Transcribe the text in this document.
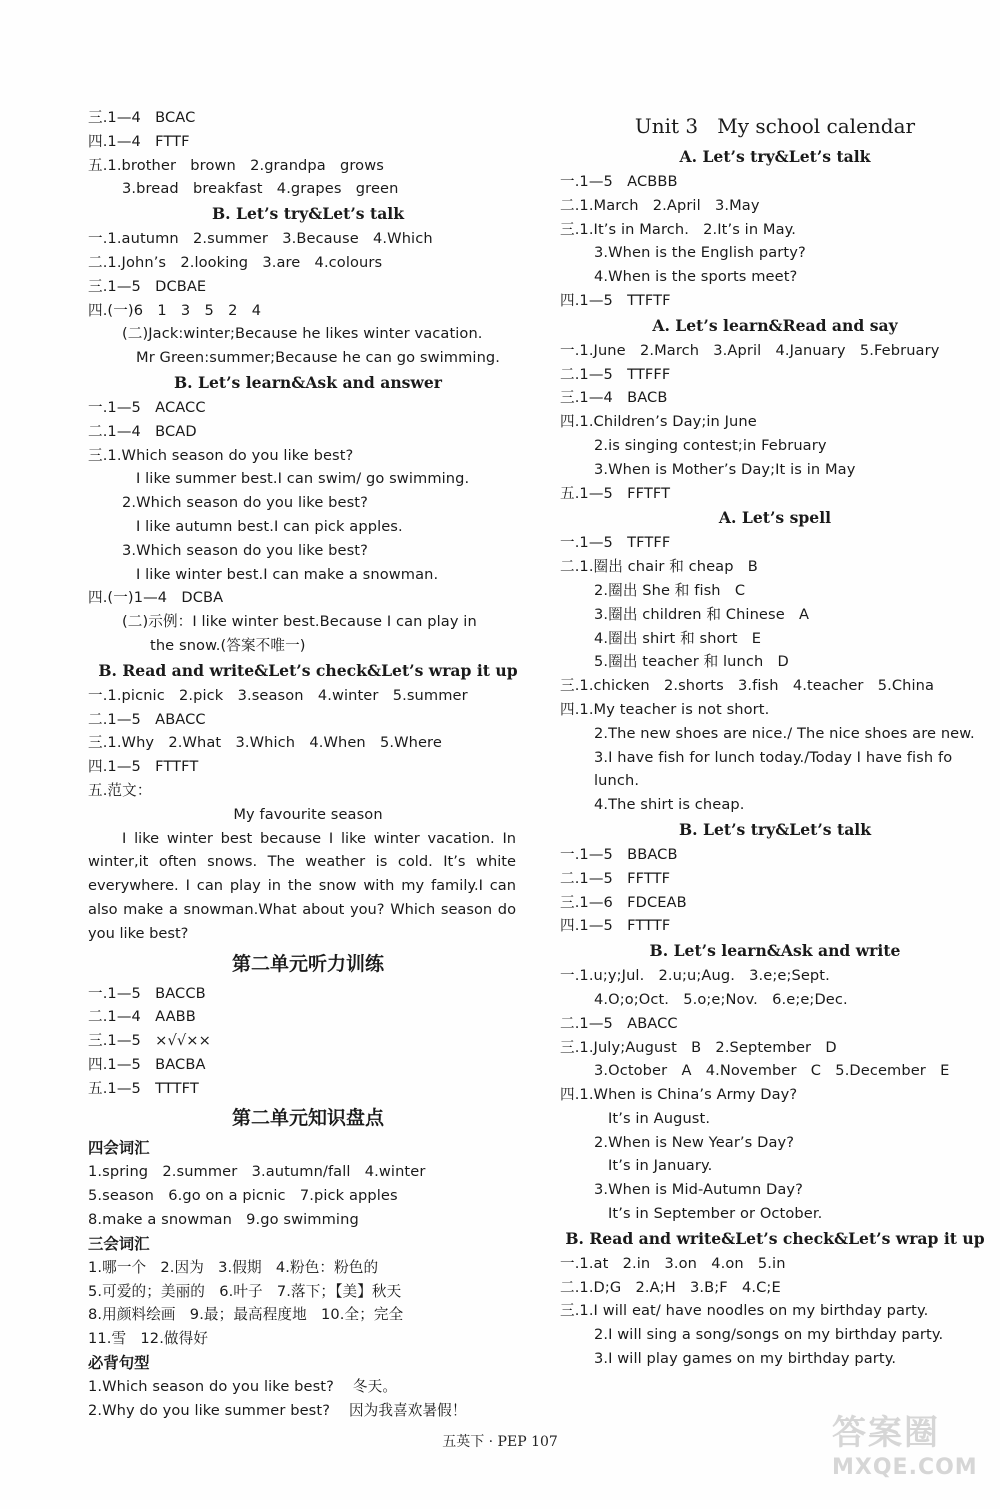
三.1—4   BCAC
四.1—4   FTTF
五.1.brother   brown   2.grandpa   grows
3.bread   breakfast   4.grapes   green
B. Let’s try&Let’s talk
一.1.autumn   2.summer   3.Because   4.Which
二.1.John’s   2.looking   3.are   4.colours
三.1—5   DCBAE
四.(一)6   1   3   5   2   4
(二)Jack:winter;Because he likes winter vacation.
Mr Green:summer;Because he can go swimming.
B. Let’s learn&Ask and answer
一.1—5   ACACC
二.1—4   BCAD
三.1.Which season do you like best?
I like summer best.I can swim/ go swimming.
2.Which season do you like best?
I like autumn best.I can pick apples.
3.Which season do you like best?
I like winter best.I can make a snowman.
四.(一)1—4   DCBA
(二)示例：I like winter best.Because I can play in
the snow.(答案不唯一)
B. Read and write&Let’s check&Let’s wrap it up
一.1.picnic   2.pick   3.season   4.winter   5.summer
二.1—5   ABACC
三.1.Why   2.What   3.Which   4.When   5.Where
四.1—5   FTTFT
五.范文：
My favourite season

I like winter best because I like winter vacation. In winter,it often snows. The weather is cold. It’s white everywhere. I can play in the snow with my family.I can also make a snowman.What about you? Which season do you like best?

第二单元听力训练
一.1—5   BACCB
二.1—4   AABB
三.1—5   ×√√××
四.1—5   BACBA
五.1—5   TTTFT
第二单元知识盘点
四会词汇
1.spring   2.summer   3.autumn/fall   4.winter
5.season   6.go on a picnic   7.pick apples
8.make a snowman   9.go swimming
三会词汇
1.哪一个   2.因为   3.假期   4.粉色：粉色的
5.可爱的；美丽的   6.叶子   7.落下；【美】秋天
8.用颜料绘画   9.最；最高程度地   10.全；完全
11.雪   12.做得好
必背句型
1.Which season do you like best?    冬天。
2.Why do you like summer best?    因为我喜欢暑假！
Unit 3   My school calendar
A. Let’s try&Let’s talk
一.1—5   ACBBB
二.1.March   2.April   3.May
三.1.It’s in March.   2.It’s in May.
3.When is the English party?
4.When is the sports meet?
四.1—5   TTFTF
A. Let’s learn&Read and say
一.1.June   2.March   3.April   4.January   5.February
二.1—5   TTFFF
三.1—4   BACB
四.1.Children’s Day;in June
2.is singing contest;in February
3.When is Mother’s Day;It is in May
五.1—5   FFTFT
A. Let’s spell
一.1—5   TFTFF
二.1.圈出 chair 和 cheap   B
2.圈出 She 和 fish   C
3.圈出 children 和 Chinese   A
4.圈出 shirt 和 short   E
5.圈出 teacher 和 lunch   D
三.1.chicken   2.shorts   3.fish   4.teacher   5.China
四.1.My teacher is not short.
2.The new shoes are nice./ The nice shoes are new.
3.I have fish for lunch today./Today I have fish fo
lunch.
4.The shirt is cheap.
B. Let’s try&Let’s talk
一.1—5   BBACB
二.1—5   FFTTF
三.1—6   FDCEAB
四.1—5   FTTTF
B. Let’s learn&Ask and write
一.1.u;y;Jul.   2.u;u;Aug.   3.e;e;Sept.
4.O;o;Oct.   5.o;e;Nov.   6.e;e;Dec.
二.1—5   ABACC
三.1.July;August   B   2.September   D
3.October   A   4.November   C   5.December   E
四.1.When is China’s Army Day?
It’s in August.
2.When is New Year’s Day?
It’s in January.
3.When is Mid-Autumn Day?
It’s in September or October.
B. Read and write&Let’s check&Let’s wrap it up
一.1.at   2.in   3.on   4.on   5.in
二.1.D;G   2.A;H   3.B;F   4.C;E
三.1.I will eat/ have noodles on my birthday party.
2.I will sing a song/songs on my birthday party.
3.I will play games on my birthday party.
五英下 · PEP 107	答案圈
MXQE.COM
